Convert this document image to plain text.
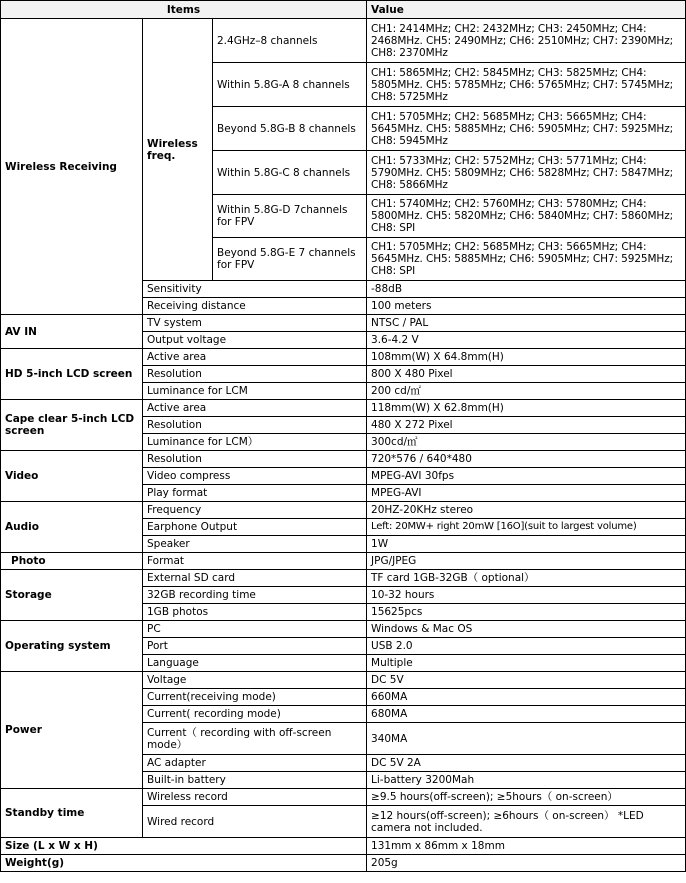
Items			Value
Wireless Receiving	Wireless freq.	2.4GHz–8 channels	CH1: 2414MHz; CH2: 2432MHz; CH3: 2450MHz; CH4: 2468MHz. CH5: 2490MHz; CH6: 2510MHz; CH7: 2390MHz; CH8: 2370MHz
		Within 5.8G-A 8 channels	CH1: 5865MHz; CH2: 5845MHz; CH3: 5825MHz; CH4: 5805MHz. CH5: 5785MHz; CH6: 5765MHz; CH7: 5745MHz; CH8: 5725MHz
		Beyond 5.8G-B 8 channels	CH1: 5705MHz; CH2: 5685MHz; CH3: 5665MHz; CH4: 5645MHz. CH5: 5885MHz; CH6: 5905MHz; CH7: 5925MHz; CH8: 5945MHz
		Within 5.8G-C 8 channels	CH1: 5733MHz; CH2: 5752MHz; CH3: 5771MHz; CH4: 5790MHz. CH5: 5809MHz; CH6: 5828MHz; CH7: 5847MHz; CH8: 5866MHz
		Within 5.8G-D 7channels for FPV	CH1: 5740MHz; CH2: 5760MHz; CH3: 5780MHz; CH4: 5800MHz. CH5: 5820MHz; CH6: 5840MHz; CH7: 5860MHz; CH8: SPI
		Beyond 5.8G-E 7 channels for FPV	CH1: 5705MHz; CH2: 5685MHz; CH3: 5665MHz; CH4: 5645MHz. CH5: 5885MHz; CH6: 5905MHz; CH7: 5925MHz; CH8: SPI
	Sensitivity		-88dB
	Receiving distance		100 meters
AV IN	TV system		NTSC / PAL
	Output voltage		3.6-4.2 V
HD 5-inch LCD screen	Active area		108mm(W) X 64.8mm(H)
	Resolution		800 X 480 Pixel
	Luminance for LCM		200 cd/㎡
Cape clear 5-inch LCD screen	Active area		118mm(W) X 62.8mm(H)
	Resolution		480 X 272 Pixel
	Luminance for LCM）		300cd/㎡
Video	Resolution		720*576 / 640*480
	Video compress		MPEG-AVI 30fps
	Play format		MPEG-AVI
Audio	Frequency		20HZ-20KHz stereo
	Earphone Output		Left: 20MW+ right 20mW [16O](suit to largest volume)
	Speaker		1W
Photo	Format		JPG/JPEG
Storage	External SD card		TF card 1GB-32GB（ optional）
	32GB recording time		10-32 hours
	1GB photos		15625pcs
Operating system	PC		Windows & Mac OS
	Port		USB 2.0
	Language		Multiple
Power	Voltage		DC 5V
	Current(receiving mode)		660MA
	Current( recording mode)		680MA
	Current（ recording with off-screen mode）		340MA
	AC adapter		DC 5V 2A
	Built-in battery		Li-battery 3200Mah
Standby time	Wireless record		≥9.5 hours(off-screen); ≥5hours（ on-screen）
	Wired record		≥12 hours(off-screen); ≥6hours（ on-screen） *LED camera not included.
Size (L x W x H)			131mm x 86mm x 18mm
Weight(g)			205g
